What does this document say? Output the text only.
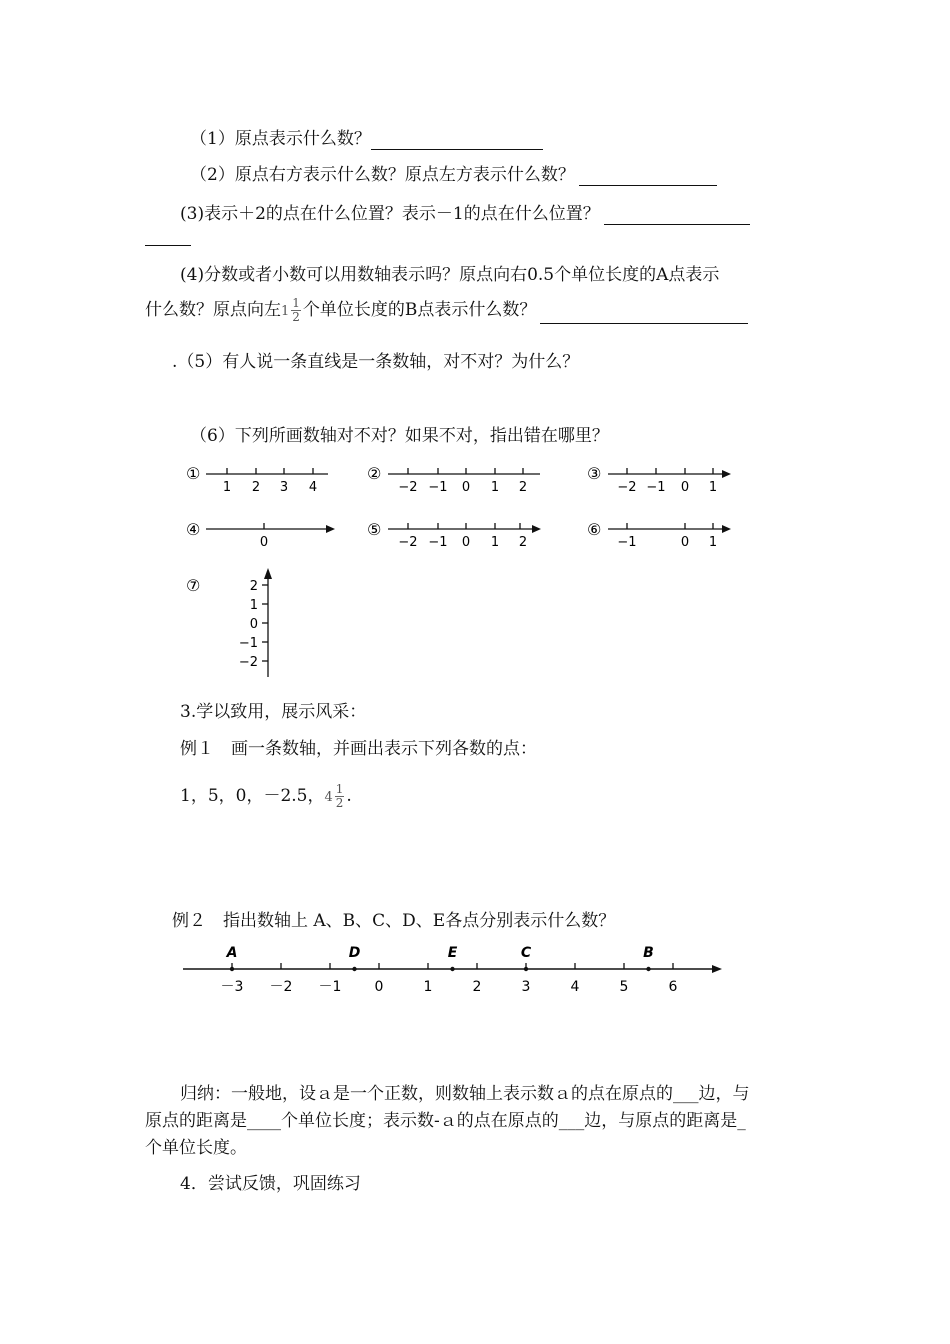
（1）原点表示什么数？
（2）原点右方表示什么数？原点左方表示什么数？
(3)表示＋2的点在什么位置？表示－1的点在什么位置？
(4)分数或者小数可以用数轴表示吗？原点向右0.5个单位长度的A点表示
什么数？原点向左$1 \frac{1}{2}$ 个单位长度的B点表示什么数？
.（5）有人说一条直线是一条数轴，对不对？为什么？
（6）下列所画数轴对不对？如果不对，指出错在哪里？
①
1 2 3 4
②
−2 −1 0 1 2
③
−2 −1 0 1
④
0
⑤
−2 −1 0 1 2
⑥
−1	0 1
⑦	2
1
0
−1
−2
3.学以致用，展示风采：
例１　画一条数轴，并画出表示下列各数的点：
1，5，0，－2.5，$4 \frac{1}{2}$ .
例２　指出数轴上 A、B、C、D、E各点分别表示什么数？
－3 －2 －1 0	1	2	3	4	5	6
A	D	E	C	B
归纳：一般地，设ａ是一个正数，则数轴上表示数ａ的点在原点的___边，与
原点的距离是____个单位长度；表示数-ａ的点在原点的___边，与原点的距离是_
个单位长度。
4．尝试反馈，巩固练习
